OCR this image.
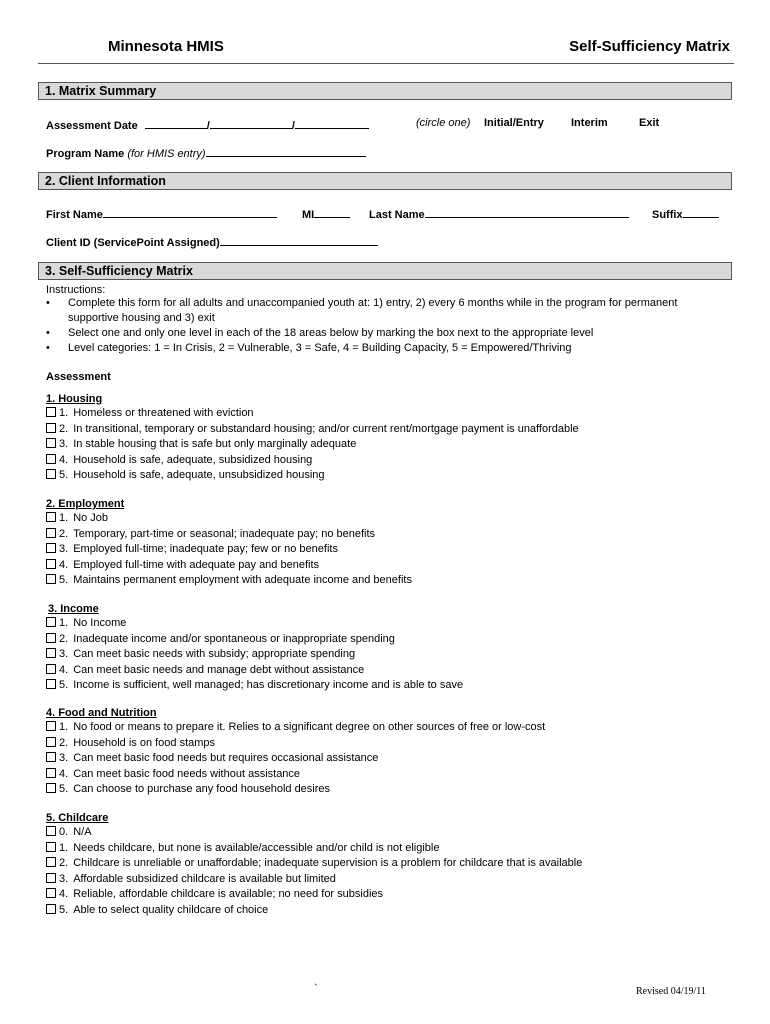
Minnesota HMIS	Self-Sufficiency Matrix
1. Matrix Summary
Assessment Date	/	/	(circle one) Initial/Entry Interim	Exit
Program Name (for HMIS entry)
2. Client Information
First Name	MI	Last Name	Suffix
Client ID (ServicePoint Assigned)
3. Self-Sufficiency Matrix
Instructions:
• Complete this form for all adults and unaccompanied youth at: 1) entry, 2) every 6 months while in the program for permanent supportive housing and 3) exit
• Select one and only one level in each of the 18 areas below by marking the box next to the appropriate level
• Level categories: 1 = In Crisis, 2 = Vulnerable, 3 = Safe, 4 = Building Capacity, 5 = Empowered/Thriving
Assessment
1. Housing
1. Homeless or threatened with eviction
2. In transitional, temporary or substandard housing; and/or current rent/mortgage payment is unaffordable
3. In stable housing that is safe but only marginally adequate
4. Household is safe, adequate, subsidized housing
5. Household is safe, adequate, unsubsidized housing
2. Employment
1. No Job
2. Temporary, part-time or seasonal; inadequate pay; no benefits
3. Employed full-time; inadequate pay; few or no benefits
4. Employed full-time with adequate pay and benefits
5. Maintains permanent employment with adequate income and benefits
3. Income
1. No Income
2. Inadequate income and/or spontaneous or inappropriate spending
3. Can meet basic needs with subsidy; appropriate spending
4. Can meet basic needs and manage debt without assistance
5. Income is sufficient, well managed; has discretionary income and is able to save
4. Food and Nutrition
1. No food or means to prepare it. Relies to a significant degree on other sources of free or low-cost
2. Household is on food stamps
3. Can meet basic food needs but requires occasional assistance
4. Can meet basic food needs without assistance
5. Can choose to purchase any food household desires
5. Childcare
0. N/A
1. Needs childcare, but none is available/accessible and/or child is not eligible
2. Childcare is unreliable or unaffordable; inadequate supervision is a problem for childcare that is available
3. Affordable subsidized childcare is available but limited
4. Reliable, affordable childcare is available; no need for subsidies
5. Able to select quality childcare of choice
`	Revised 04/19/11
